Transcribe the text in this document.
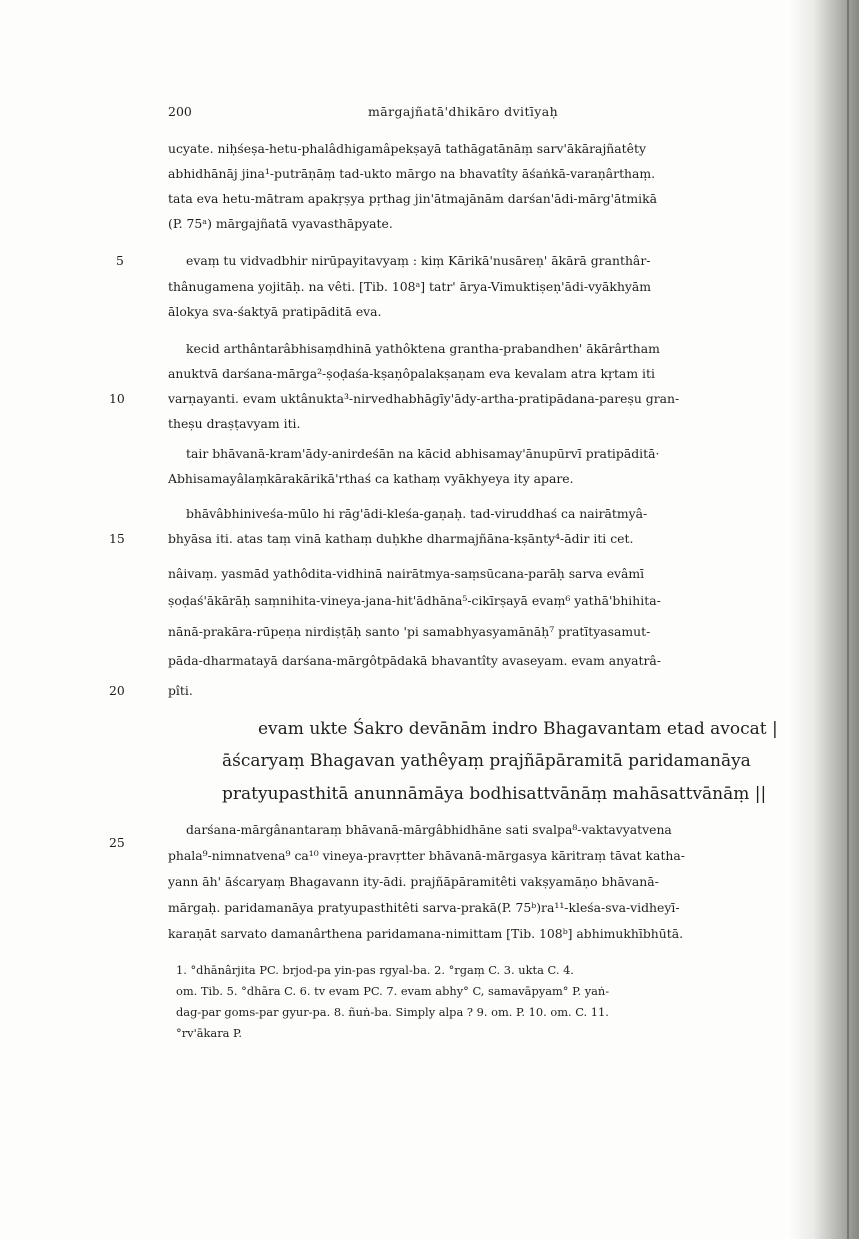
200	mārgajñatā'dhikāro dvitīyaḥ
ucyate. niḥśeṣa-hetu-phalâdhigamâpekṣayā tathāgatānāṃ sarv'ākārajñatêty
abhidhānāj jina¹-putrāṇāṃ tad-ukto mārgo na bhavatîty āśaṅkā-varaṇârthaṃ.
tata eva hetu-mātram apakṛṣya pṛthag jin'ātmajānām darśan'ādi-mārg'ātmikā
(P. 75ᵃ) mārgajñatā vyavasthāpyate.
evaṃ tu vidvadbhir nirūpayitavyaṃ : kiṃ Kārikā'nusāreṇ' ākārā granthâr-
thânugamena yojitāḥ. na vêti. [Tib. 108ᵃ] tatr' ārya-Vimuktiṣeṇ'ādi-vyākhyām
ālokya sva-śaktyā pratipāditā eva.
kecid arthântarâbhisaṃdhinā yathôktena grantha-prabandhen' ākārârtham
anuktvā darśana-mārga²-ṣoḍaśa-kṣaṇôpalakṣaṇam eva kevalam atra kṛtam iti
varṇayanti. evam uktânukta³-nirvedhabhāgīy'ādy-artha-pratipādana-pareṣu gran-
theṣu draṣṭavyam iti.
tair bhāvanā-kram'ādy-anirdeśān na kācid abhisamay'ānupūrvī pratipāditā·
Abhisamayâlaṃkārakārikā'rthaś ca kathaṃ vyākhyeya ity apare.
bhāvâbhiniveśa-mūlo hi rāg'ādi-kleśa-gaṇaḥ. tad-viruddhaś ca nairātmyâ-
bhyāsa iti. atas taṃ vinā kathaṃ duḥkhe dharmajñāna-kṣānty⁴-ādir iti cet.
nâivaṃ. yasmād yathôdita-vidhinā nairātmya-saṃsūcana-parāḥ sarva evâmī
ṣoḍaś'ākārāḥ saṃnihita-vineya-jana-hit'ādhāna⁵-cikīrṣayā evaṃ⁶ yathā'bhihita-
nānā-prakāra-rūpeṇa nirdiṣṭāḥ santo 'pi samabhyasyamānāḥ⁷ pratītyasamut-
pāda-dharmatayā darśana-mārgôtpādakā bhavantîty avaseyam. evam anyatrâ-
pîti.
5
10
15
20
25
evam ukte Śakro devānām indro Bhagavantam etad avocat |
āścaryaṃ Bhagavan yathêyaṃ prajñāpāramitā paridamanāya
pratyupasthitā anunnāmāya bodhisattvānāṃ mahāsattvānāṃ ||
darśana-mārgânantaraṃ bhāvanā-mārgâbhidhāne sati svalpa⁸-vaktavyatvena
phala⁹-nimnatvena⁹ ca¹⁰ vineya-pravṛtter bhāvanā-mārgasya kāritraṃ tāvat katha-
yann āh' āścaryaṃ Bhagavann ity-ādi. prajñāpāramitêti vakṣyamāṇo bhāvanā-
mārgaḥ. paridamanāya pratyupasthitêti sarva-prakā(P. 75ᵇ)ra¹¹-kleśa-sva-vidheyī-
karaṇāt sarvato damanârthena paridamana-nimittam [Tib. 108ᵇ] abhimukhībhūtā.
1. °dhānârjita PC. brjod-pa yin-pas rgyal-ba. 2. °rgaṃ C. 3. ukta C. 4.
om. Tib. 5. °dhāra C. 6. tv evam PC. 7. evam abhy° C, samavāpyam° P. yaṅ-
dag-par goms-par gyur-pa. 8. ñuṅ-ba. Simply alpa ? 9. om. P. 10. om. C. 11.
°rv'ākara P.
